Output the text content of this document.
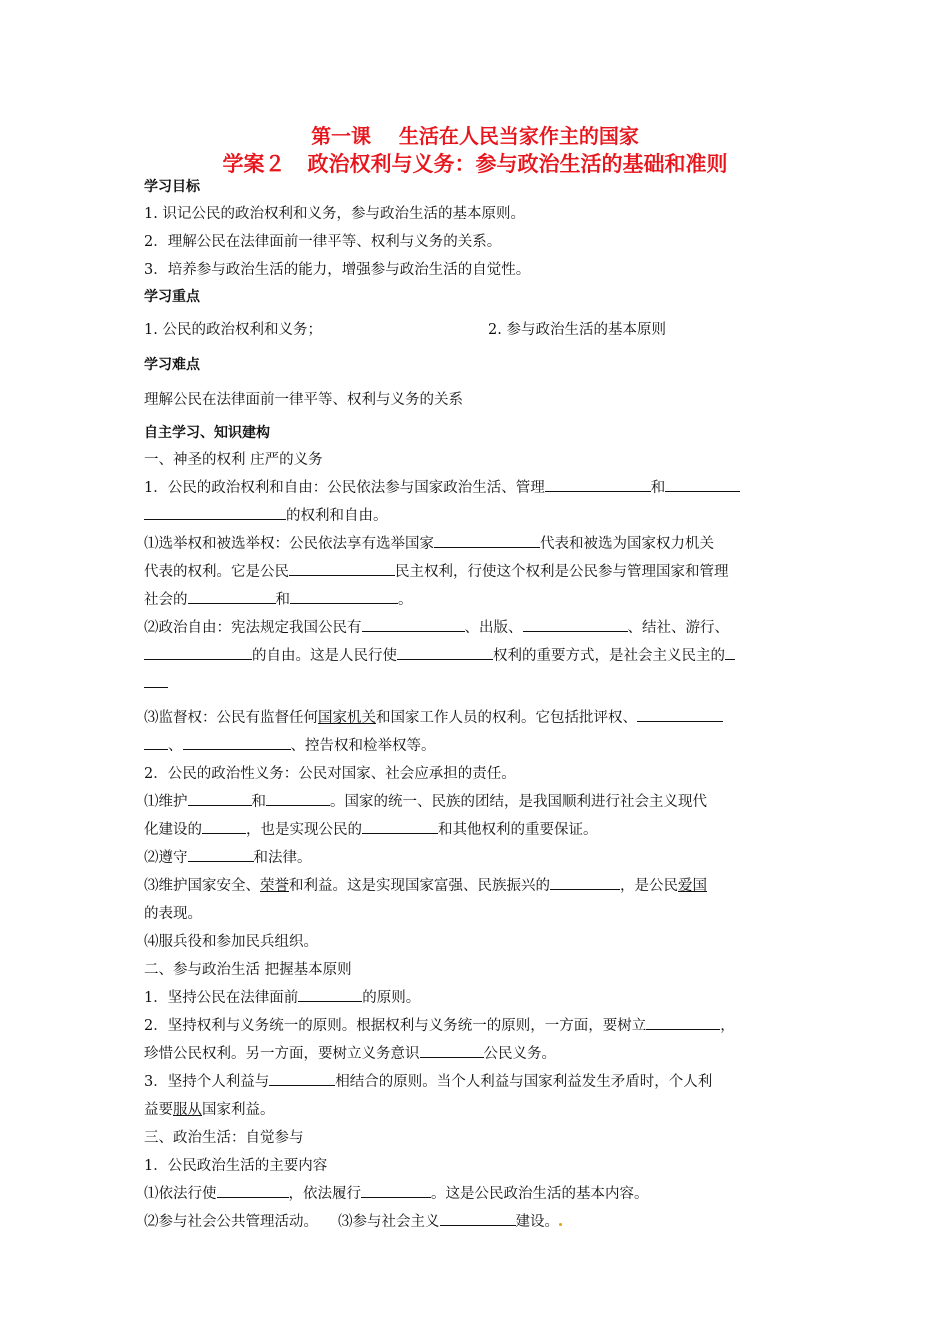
第一课    生活在人民当家作主的国家
学案２   政治权利与义务：参与政治生活的基础和准则
学习目标
1. 识记公民的政治权利和义务，参与政治生活的基本原则。
2．理解公民在法律面前一律平等、权利与义务的关系。
3．培养参与政治生活的能力，增强参与政治生活的自觉性。
学习重点
1. 公民的政治权利和义务；	2. 参与政治生活的基本原则
学习难点
理解公民在法律面前一律平等、权利与义务的关系
自主学习、知识建构
一、神圣的权利 庄严的义务
1．公民的政治权利和自由：公民依法参与国家政治生活、管理	和
的权利和自由。
⑴选举权和被选举权：公民依法享有选举国家	代表和被选为国家权力机关
代表的权利。它是公民	民主权利，行使这个权利是公民参与管理国家和管理
社会的	和	。
⑵政治自由：宪法规定我国公民有	、出版、	、结社、游行、
的自由。这是人民行使	权利的重要方式，是社会主义民主的
⑶监督权：公民有监督任何国家机关和国家工作人员的权利。它包括批评权、
、	、控告权和检举权等。
2．公民的政治性义务：公民对国家、社会应承担的责任。
⑴维护	和	。国家的统一、民族的团结，是我国顺利进行社会主义现代
化建设的	，也是实现公民的	和其他权利的重要保证。
⑵遵守	和法律。
⑶维护国家安全、荣誉和利益。这是实现国家富强、民族振兴的	，是公民爱国
的表现。
⑷服兵役和参加民兵组织。
二、参与政治生活 把握基本原则
1．坚持公民在法律面前	的原则。
2．坚持权利与义务统一的原则。根据权利与义务统一的原则，一方面，要树立	，
珍惜公民权利。另一方面，要树立义务意识	公民义务。
3．坚持个人利益与	相结合的原则。当个人利益与国家利益发生矛盾时，个人利
益要服从国家利益。
三、政治生活：自觉参与
1．公民政治生活的主要内容
⑴依法行使	，依法履行	。这是公民政治生活的基本内容。
⑵参与社会公共管理活动。 ⑶参与社会主义	建设。
